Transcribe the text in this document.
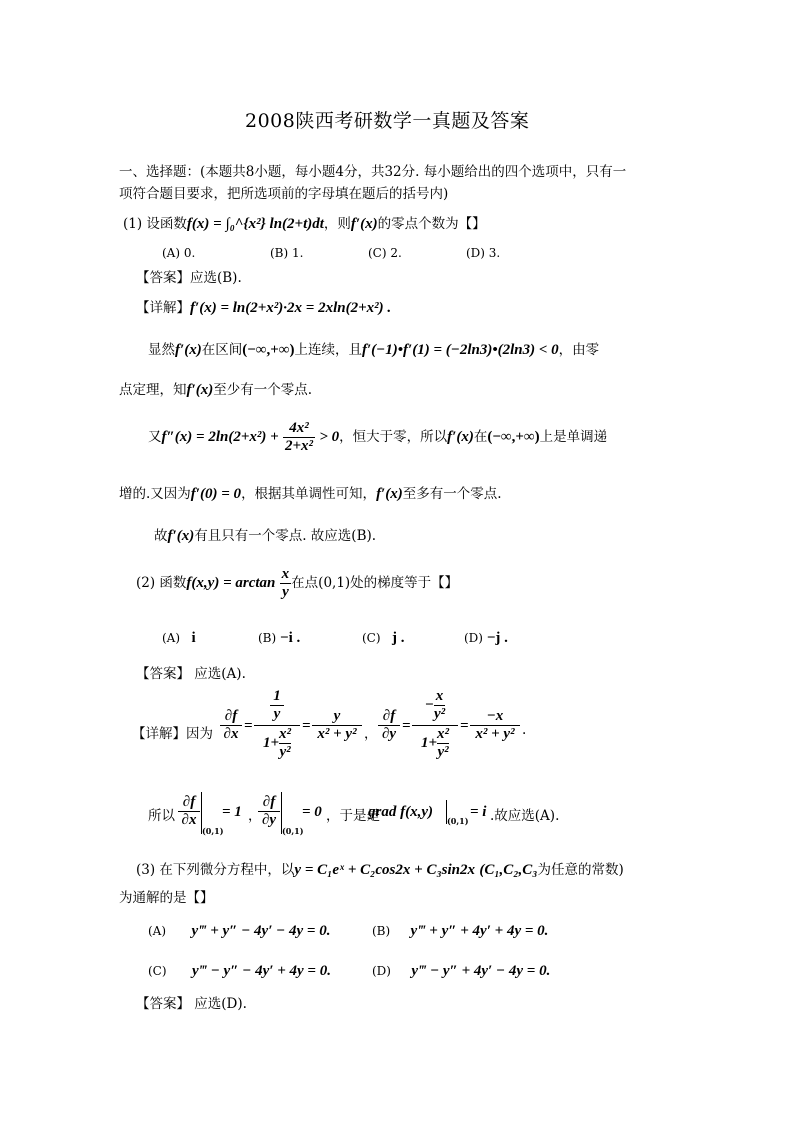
2008陕西考研数学一真题及答案
一、选择题：(本题共8小题，每小题4分，共32分. 每小题给出的四个选项中，只有一
项符合题目要求，把所选项前的字母填在题后的括号内)
(1) 设函数f(x) = ∫₀^{x²} ln(2+t)dt，则f′(x)的零点个数为【】
(A) 0.	(B) 1.	(C) 2.	(D) 3.
【答案】应选(B).
【详解】f′(x) = ln(2+x²)·2x = 2xln(2+x²) .
显然f′(x)在区间(−∞,+∞)上连续，且f′(−1)•f′(1) = (−2ln3)•(2ln3) < 0，由零
点定理，知f′(x)至少有一个零点.
又$f''(x) = 2\ln(2+x^2) + \frac{\text{4x²}}{\text{2+x²}} > 0$，恒大于零，所以f′(x)在(−∞,+∞)上是单调递
增的.又因为f′(0) = 0，根据其单调性可知，f′(x)至多有一个零点.
故f′(x)有且只有一个零点. 故应选(B).
(2) 函数$f(x,y) = \arctan \frac{x}{y}$ 在点(0,1)处的梯度等于【】
(A) i	(B) −i .	(C) j .	(D) −j .
【答案】 应选(A).
【详解】因为 $\frac{\partial f}{\partial x} = 1$
y
$1+ \frac{\text{x²}}{\text{y²}} = \frac{y}{\text{x² + y²}}$ ， $\frac{\partial f}{\partial y} = \frac{- \frac{x}{\text{y²}}}{1+ \frac{\text{x²}}{\text{y²}}} = \frac{-x}{\text{x² + y²}}$ .
所以 $\frac{\partial f}{\partial x}$
(0,1)
= 1 ，
$\frac{\partial f}{\partial y}$
(0,1)
= 0 ，于是是
grad f(x,y)
(0,1)
= i .故应选(A).
(3) 在下列微分方程中，以y = C₁eˣ + C₂cos2x + C₃sin2x (C₁,C₂,C₃为任意的常数)
为通解的是【】
(A) y‴ + y″ − 4y′ − 4y = 0.	(B) y‴ + y″ + 4y′ + 4y = 0.
(C) y‴ − y″ − 4y′ + 4y = 0.	(D) y‴ − y″ + 4y′ − 4y = 0.
【答案】 应选(D).
